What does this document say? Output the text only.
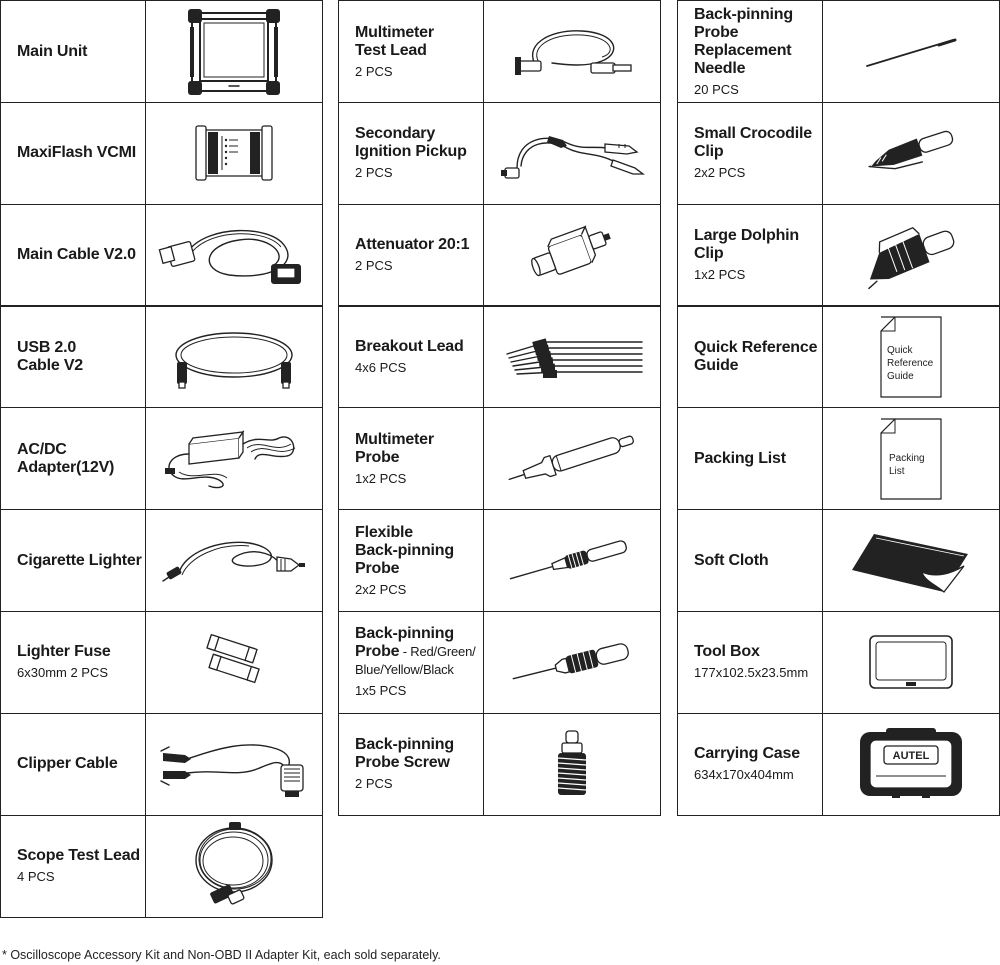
Main Unit
MaxiFlash VCMI
Main Cable V2.0
USB 2.0
Cable V2
AC/DC
Adapter(12V)
Cigarette Lighter
Lighter Fuse
6x30mm 2 PCS
Clipper Cable
Scope Test Lead
4 PCS
Multimeter
Test Lead
2 PCS
Secondary
Ignition Pickup
2 PCS
Attenuator 20:1
2 PCS
Breakout Lead
4x6 PCS
Multimeter
Probe
1x2 PCS
Flexible
Back-pinning
Probe
2x2 PCS
Back-pinning
Probe - Red/Green/
Blue/Yellow/Black
1x5 PCS
Back-pinning
Probe Screw
2 PCS
Back-pinning
Probe
Replacement
Needle
20 PCS
Small Crocodile
Clip
2x2 PCS
Large Dolphin
Clip
1x2 PCS
Quick Reference
Guide
Quick
Reference
Guide
Packing List	Packing
List
Soft Cloth
Tool Box
177x102.5x23.5mm
Carrying Case
634x170x404mm
AUTEL
* Oscilloscope Accessory Kit and Non-OBD II Adapter Kit, each sold separately.
